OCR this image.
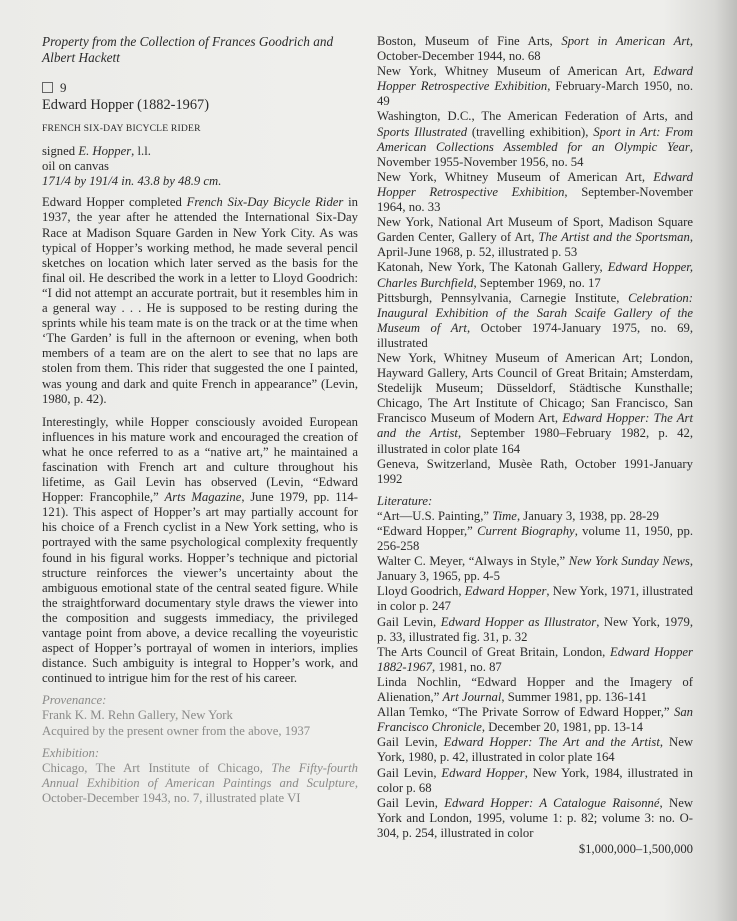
Property from the Collection of Frances Goodrich and Albert Hackett
9
Edward Hopper (1882-1967)
FRENCH SIX-DAY BICYCLE RIDER

signed E. Hopper, l.l.

oil on canvas

171/4 by 191/4 in. 43.8 by 48.9 cm.

Edward Hopper completed French Six-Day Bicycle Rider in 1937, the year after he attended the International Six-Day Race at Madison Square Garden in New York City. As was typical of Hopper’s working method, he made several pencil sketches on location which later served as the basis for the final oil. He described the work in a letter to Lloyd Goodrich: “I did not attempt an accurate portrait, but it resembles him in a general way . . . He is supposed to be resting during the sprints while his team mate is on the track or at the time when ‘The Garden’ is full in the afternoon or evening, when both members of a team are on the alert to see that no laps are stolen from them. This rider that suggested the one I painted, was young and dark and quite French in appearance” (Levin, 1980, p. 42).

Interestingly, while Hopper consciously avoided European influences in his mature work and encouraged the creation of what he once referred to as a “native art,” he maintained a fascination with French art and culture throughout his lifetime, as Gail Levin has observed (Levin, “Edward Hopper: Francophile,” Arts Magazine, June 1979, pp. 114-121). This aspect of Hopper’s art may partially account for his choice of a French cyclist in a New York setting, who is portrayed with the same psychological complexity frequently found in his figural works. Hopper’s technique and pictorial structure reinforces the viewer’s uncertainty about the ambiguous emotional state of the central seated figure. While the straightforward documentary style draws the viewer into the composition and suggests immediacy, the privileged vantage point from above, a device recalling the voyeuristic aspect of Hopper’s portrayal of women in interiors, implies distance. Such ambiguity is integral to Hopper’s work, and continued to intrigue him for the rest of his career.

Provenance:
Frank K. M. Rehn Gallery, New York
Acquired by the present owner from the above, 1937
Exhibition:
Chicago, The Art Institute of Chicago, The Fifty-fourth Annual Exhibition of American Paintings and Sculpture, October-December 1943, no. 7, illustrated plate VI
Boston, Museum of Fine Arts, Sport in American Art, October-December 1944, no. 68
New York, Whitney Museum of American Art, Edward Hopper Retrospective Exhibition, February-March 1950, no. 49
Washington, D.C., The American Federation of Arts, and Sports Illustrated (travelling exhibition), Sport in Art: From American Collections Assembled for an Olympic Year, November 1955-November 1956, no. 54
New York, Whitney Museum of American Art, Edward Hopper Retrospective Exhibition, September-November 1964, no. 33
New York, National Art Museum of Sport, Madison Square Garden Center, Gallery of Art, The Artist and the Sportsman, April-June 1968, p. 52, illustrated p. 53
Katonah, New York, The Katonah Gallery, Edward Hopper, Charles Burchfield, September 1969, no. 17
Pittsburgh, Pennsylvania, Carnegie Institute, Celebration: Inaugural Exhibition of the Sarah Scaife Gallery of the Museum of Art, October 1974-January 1975, no. 69, illustrated
New York, Whitney Museum of American Art; London, Hayward Gallery, Arts Council of Great Britain; Amsterdam, Stedelijk Museum; Düsseldorf, Städtische Kunsthalle; Chicago, The Art Institute of Chicago; San Francisco, San Francisco Museum of Modern Art, Edward Hopper: The Art and the Artist, September 1980–February 1982, p. 42, illustrated in color plate 164
Geneva, Switzerland, Musèe Rath, October 1991-January 1992
Literature:
“Art—U.S. Painting,” Time, January 3, 1938, pp. 28-29
“Edward Hopper,” Current Biography, volume 11, 1950, pp. 256-258
Walter C. Meyer, “Always in Style,” New York Sunday News, January 3, 1965, pp. 4-5
Lloyd Goodrich, Edward Hopper, New York, 1971, illustrated in color p. 247
Gail Levin, Edward Hopper as Illustrator, New York, 1979, p. 33, illustrated fig. 31, p. 32
The Arts Council of Great Britain, London, Edward Hopper 1882-1967, 1981, no. 87
Linda Nochlin, “Edward Hopper and the Imagery of Alienation,” Art Journal, Summer 1981, pp. 136-141
Allan Temko, “The Private Sorrow of Edward Hopper,” San Francisco Chronicle, December 20, 1981, pp. 13-14
Gail Levin, Edward Hopper: The Art and the Artist, New York, 1980, p. 42, illustrated in color plate 164
Gail Levin, Edward Hopper, New York, 1984, illustrated in color p. 68
Gail Levin, Edward Hopper: A Catalogue Raisonné, New York and London, 1995, volume 1: p. 82; volume 3: no. O-304, p. 254, illustrated in color
$1,000,000–1,500,000
